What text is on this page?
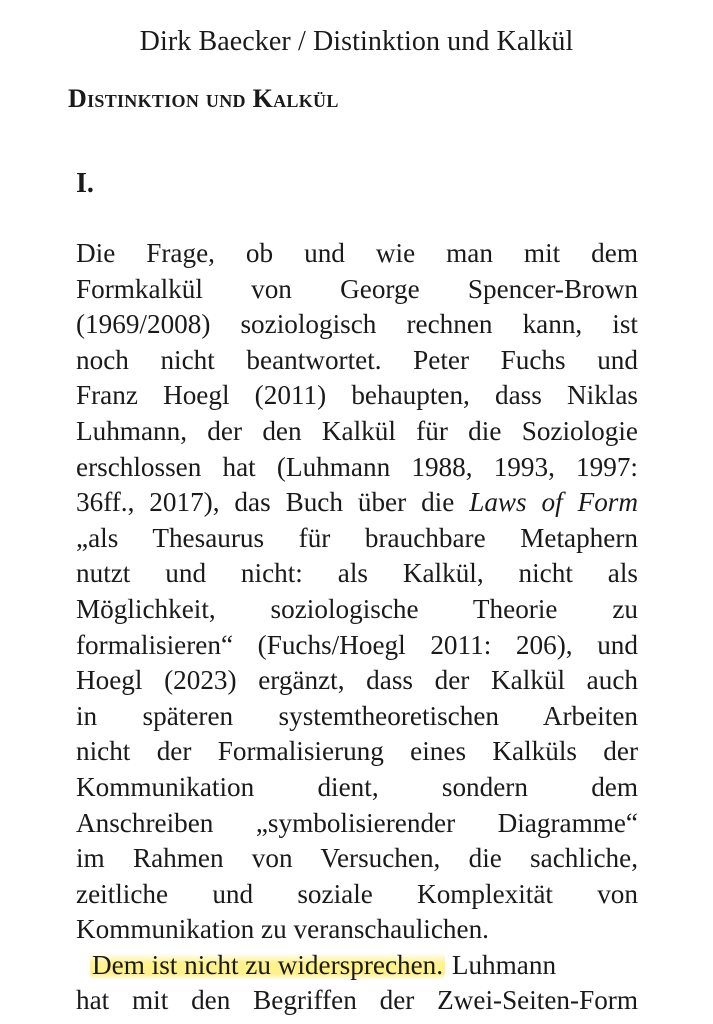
Dirk Baecker / Distinktion und Kalkül
Distinktion und Kalkül
I.
Die Frage, ob und wie man mit dem
Formkalkül von George Spencer-Brown
(1969/2008) soziologisch rechnen kann, ist
noch nicht beantwortet. Peter Fuchs und
Franz Hoegl (2011) behaupten, dass Niklas
Luhmann, der den Kalkül für die Soziologie
erschlossen hat (Luhmann 1988, 1993, 1997:
36ff., 2017), das Buch über die Laws of Form
„als Thesaurus für brauchbare Metaphern
nutzt und nicht: als Kalkül, nicht als
Möglichkeit, soziologische Theorie zu
formalisieren“ (Fuchs/Hoegl 2011: 206), und
Hoegl (2023) ergänzt, dass der Kalkül auch
in späteren systemtheoretischen Arbeiten
nicht der Formalisierung eines Kalküls der
Kommunikation dient, sondern dem
Anschreiben „symbolisierender Diagramme“
im Rahmen von Versuchen, die sachliche,
zeitliche und soziale Komplexität von
Kommunikation zu veranschaulichen.
Dem ist nicht zu widersprechen. Luhmann
hat mit den Begriffen der Zwei-Seiten-Form
